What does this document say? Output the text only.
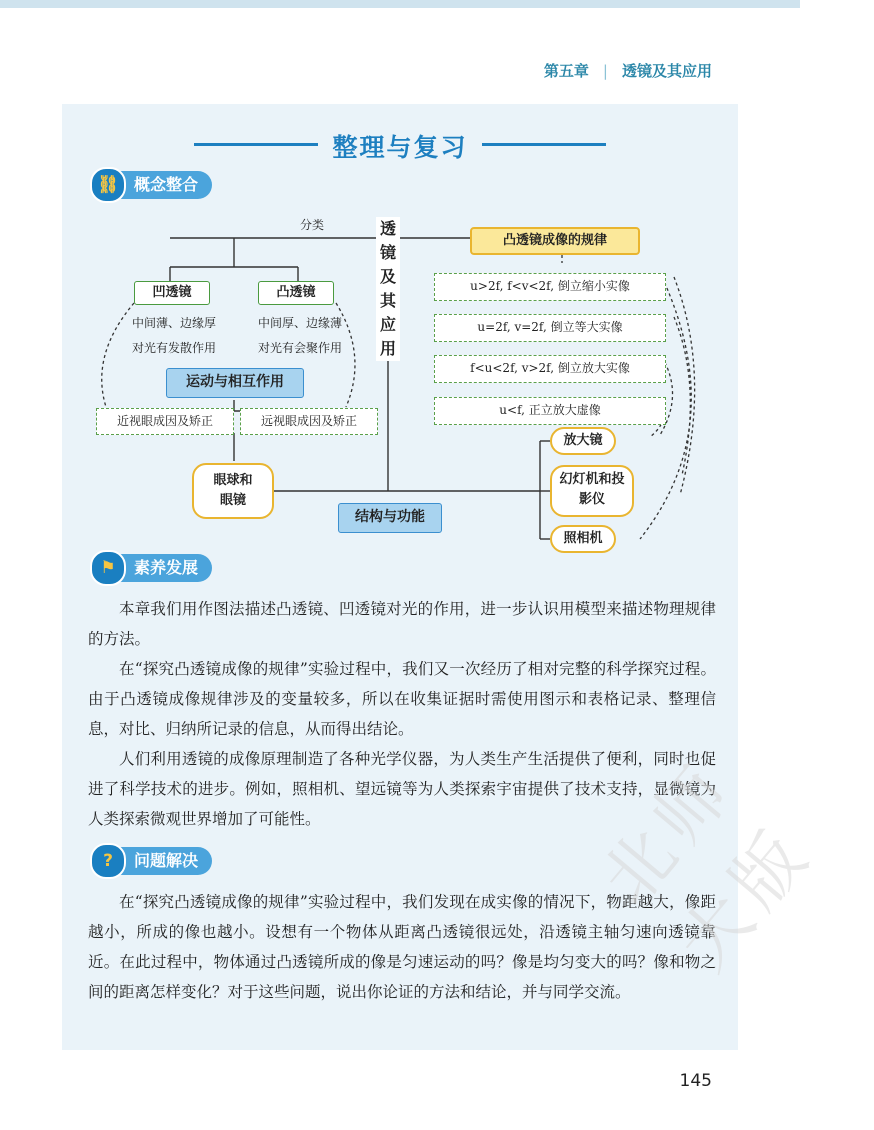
第五章 | 透镜及其应用
整理与复习
⛓ 概念整合
分类	透镜及其应用
凹透镜	凸透镜
中间薄、边缘厚
对光有发散作用
中间厚、边缘薄
对光有会聚作用
运动与相互作用
近视眼成因及矫正	远视眼成因及矫正
眼球和眼镜
结构与功能
凸透镜成像的规律
u>2f, f<v<2f, 倒立缩小实像
u=2f, v=2f, 倒立等大实像
f<u<2f, v>2f, 倒立放大实像
u<f, 正立放大虚像
放大镜
幻灯机和投影仪
照相机
⚑	素养发展

本章我们用作图法描述凸透镜、凹透镜对光的作用，进一步认识用模型来描述物理规律的方法。

在“探究凸透镜成像的规律”实验过程中，我们又一次经历了相对完整的科学探究过程。由于凸透镜成像规律涉及的变量较多，所以在收集证据时需使用图示和表格记录、整理信息，对比、归纳所记录的信息，从而得出结论。

人们利用透镜的成像原理制造了各种光学仪器，为人类生产生活提供了便利，同时也促进了科学技术的进步。例如，照相机、望远镜等为人类探索宇宙提供了技术支持，显微镜为人类探索微观世界增加了可能性。

?	问题解决

在“探究凸透镜成像的规律”实验过程中，我们发现在成实像的情况下，物距越大，像距越小，所成的像也越小。设想有一个物体从距离凸透镜很远处，沿透镜主轴匀速向透镜靠近。在此过程中，物体通过凸透镜所成的像是匀速运动的吗？像是均匀变大的吗？像和物之间的距离怎样变化？对于这些问题，说出你论证的方法和结论，并与同学交流。

北师大版
145
